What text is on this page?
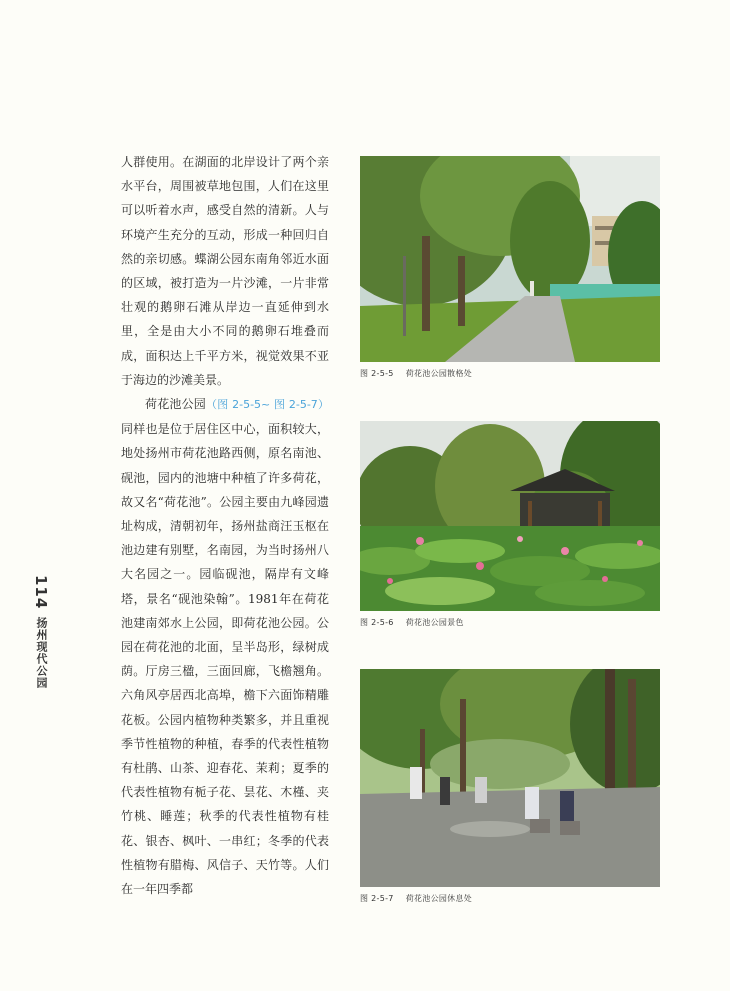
114
扬州现代公园

人群使用。在湖面的北岸设计了两个亲水平台，周围被草地包围，人们在这里可以听着水声，感受自然的清新。人与环境产生充分的互动，形成一种回归自然的亲切感。蝶湖公园东南角邻近水面的区域，被打造为一片沙滩，一片非常壮观的鹅卵石滩从岸边一直延伸到水里，全是由大小不同的鹅卵石堆叠而成，面积达上千平方米，视觉效果不亚于海边的沙滩美景。

荷花池公园（图 2-5-5~ 图 2-5-7）同样也是位于居住区中心，面积较大，地处扬州市荷花池路西侧，原名南池、砚池，园内的池塘中种植了许多荷花，故又名“荷花池”。公园主要由九峰园遗址构成，清朝初年，扬州盐商汪玉枢在池边建有别墅，名南园，为当时扬州八大名园之一。园临砚池，隔岸有文峰塔，景名“砚池染翰”。1981年在荷花池建南郊水上公园，即荷花池公园。公园在荷花池的北面，呈半岛形，绿树成荫。厅房三楹，三面回廊，飞檐翘角。六角风亭居西北高埠，檐下六面饰精雕花板。公园内植物种类繁多，并且重视季节性植物的种植，春季的代表性植物有杜鹃、山茶、迎春花、茉莉；夏季的代表性植物有栀子花、昙花、木槿、夹竹桃、睡莲；秋季的代表性植物有桂花、银杏、枫叶、一串红；冬季的代表性植物有腊梅、风信子、天竹等。人们在一年四季都

图 2-5-5 荷花池公园散格处
图 2-5-6 荷花池公园景色
图 2-5-7 荷花池公园休息处
